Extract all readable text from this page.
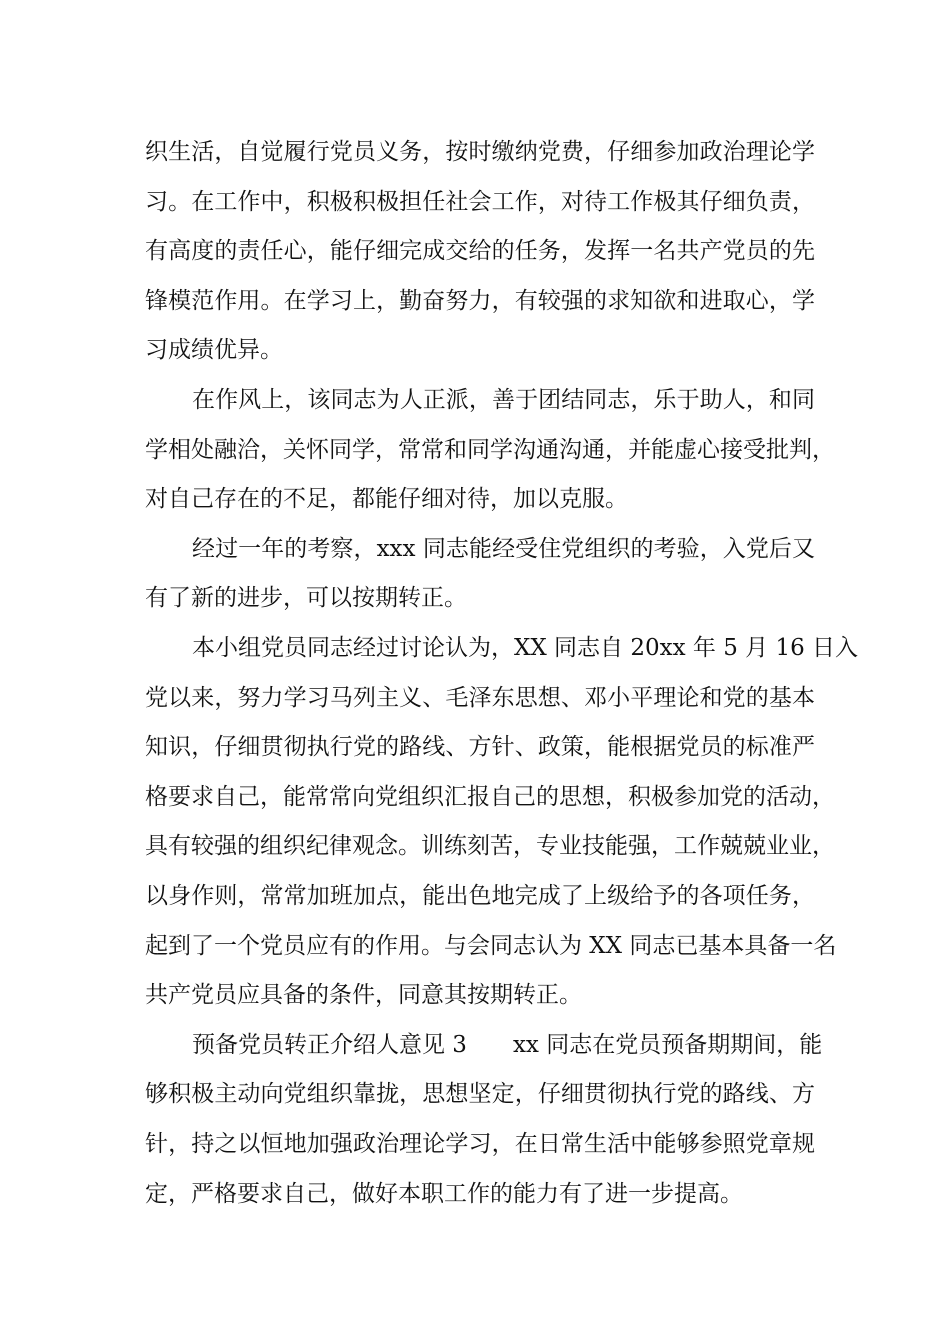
织生活，自觉履行党员义务，按时缴纳党费，仔细参加政治理论学
习。在工作中，积极积极担任社会工作，对待工作极其仔细负责，
有高度的责任心，能仔细完成交给的任务，发挥一名共产党员的先
锋模范作用。在学习上，勤奋努力，有较强的求知欲和进取心，学
习成绩优异。
在作风上，该同志为人正派，善于团结同志，乐于助人，和同
学相处融洽，关怀同学，常常和同学沟通沟通，并能虚心接受批判，
对自己存在的不足，都能仔细对待，加以克服。
经过一年的考察，xxx 同志能经受住党组织的考验，入党后又
有了新的进步，可以按期转正。
本小组党员同志经过讨论认为，XX 同志自 20xx 年 5 月 16 日入
党以来，努力学习马列主义、毛泽东思想、邓小平理论和党的基本
知识，仔细贯彻执行党的路线、方针、政策，能根据党员的标准严
格要求自己，能常常向党组织汇报自己的思想，积极参加党的活动，
具有较强的组织纪律观念。训练刻苦，专业技能强，工作兢兢业业，
以身作则，常常加班加点，能出色地完成了上级给予的各项任务，
起到了一个党员应有的作用。与会同志认为 XX 同志已基本具备一名
共产党员应具备的条件，同意其按期转正。
预备党员转正介绍人意见 3　　xx 同志在党员预备期期间，能
够积极主动向党组织靠拢，思想坚定，仔细贯彻执行党的路线、方
针，持之以恒地加强政治理论学习，在日常生活中能够参照党章规
定，严格要求自己，做好本职工作的能力有了进一步提高。
